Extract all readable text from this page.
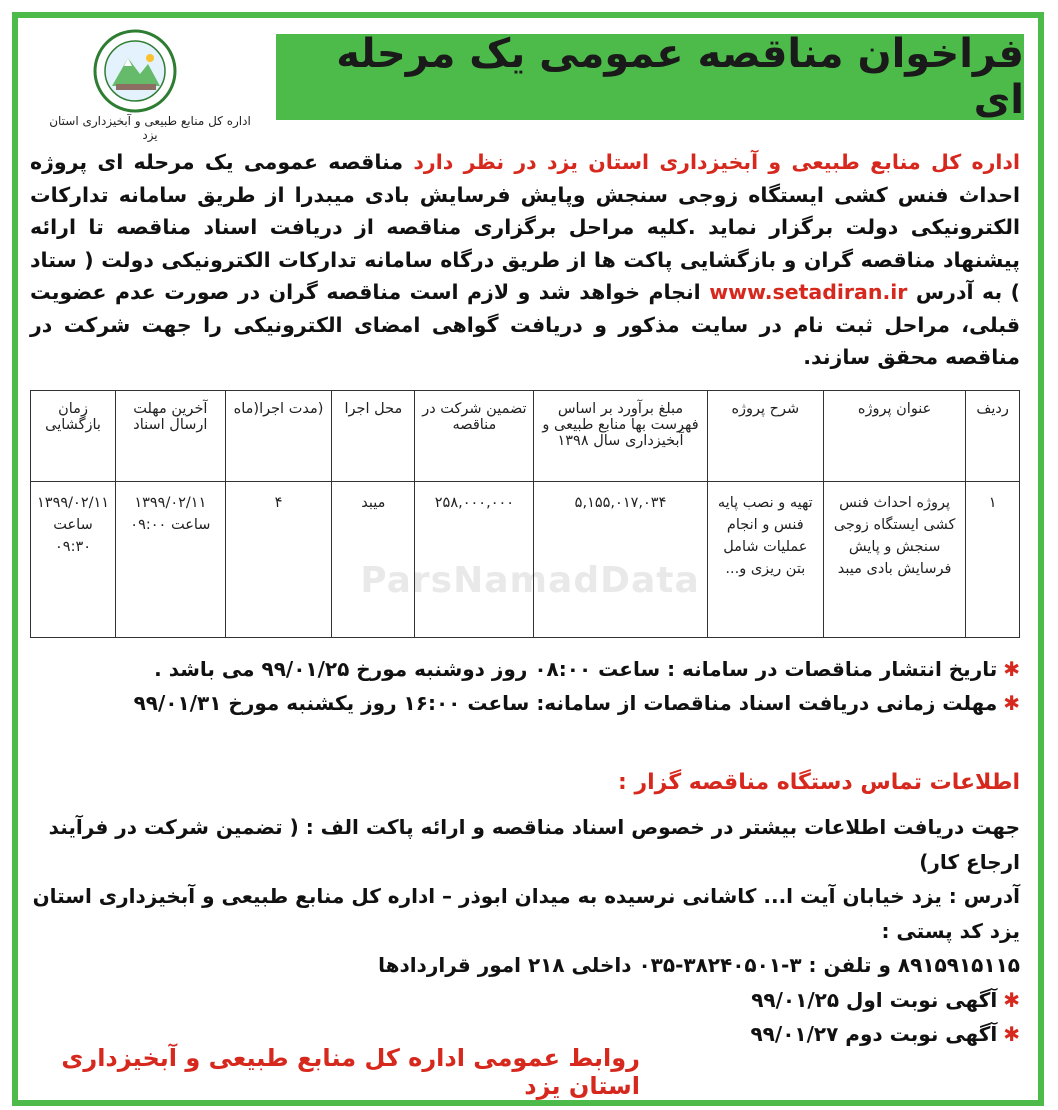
فراخوان مناقصه عمومی یک مرحله ای
اداره کل منابع طبیعی و آبخیزداری استان یزد
اداره کل منابع طبیعی و آبخیزداری استان یزد در نظر دارد مناقصه عمومی یک مرحله ای پروژه احداث فنس کشی ایستگاه زوجی سنجش وپایش فرسایش بادی میبدرا از طریق سامانه تدارکات الکترونیکی دولت برگزار نماید .کلیه مراحل برگزاری مناقصه از دریافت اسناد مناقصه تا ارائه پیشنهاد مناقصه گران و بازگشایی پاکت ها از طریق درگاه سامانه تدارکات الکترونیکی دولت ( ستاد ) به آدرس www.setadiran.ir انجام خواهد شد و لازم است مناقصه گران در صورت عدم عضویت قبلی، مراحل ثبت نام در سایت مذکور و دریافت گواهی امضای الکترونیکی را جهت شرکت در مناقصه محقق سازند.
ParsNamadData
ردیف	عنوان پروژه	شرح پروژه	مبلغ برآورد بر اساس فهرست بها منابع طبیعی و آبخیزداری سال ۱۳۹۸	تضمین شرکت در مناقصه	محل اجرا	(مدت اجرا(ماه	آخرین مهلت ارسال اسناد	زمان بازگشایی
۱	پروژه احداث فنس کشی ایستگاه زوجی سنجش و پایش فرسایش بادی میبد	تهیه و نصب پایه فنس و انجام عملیات شامل بتن ریزی و...	۵,۱۵۵,۰۱۷,۰۳۴	۲۵۸,۰۰۰,۰۰۰	میبد	۴	۱۳۹۹/۰۲/۱۱ ساعت ۰۹:۰۰	۱۳۹۹/۰۲/۱۱ ساعت ۰۹:۳۰
✱تاریخ انتشار مناقصات در سامانه : ساعت ۰۸:۰۰ روز دوشنبه مورخ ۹۹/۰۱/۲۵ می باشد .
✱مهلت زمانی دریافت اسناد مناقصات از سامانه: ساعت ۱۶:۰۰ روز یکشنبه مورخ ۹۹/۰۱/۳۱
اطلاعات تماس دستگاه مناقصه گزار :
جهت دریافت اطلاعات بیشتر در خصوص اسناد مناقصه و ارائه پاکت الف : ( تضمین شرکت در فرآیند ارجاع کار)
آدرس : یزد خیابان آیت ا... کاشانی نرسیده به میدان ابوذر – اداره کل منابع طبیعی و آبخیزداری استان یزد کد پستی :
۸۹۱۵۹۱۵۱۱۵ و تلفن : ۳-۳۸۲۴۰۵۰۱-۰۳۵ داخلی ۲۱۸ امور قراردادها
✱آگهی نوبت اول ۹۹/۰۱/۲۵
✱آگهی نوبت دوم ۹۹/۰۱/۲۷
روابط عمومی اداره کل منابع طبیعی و آبخیزداری استان یزد
